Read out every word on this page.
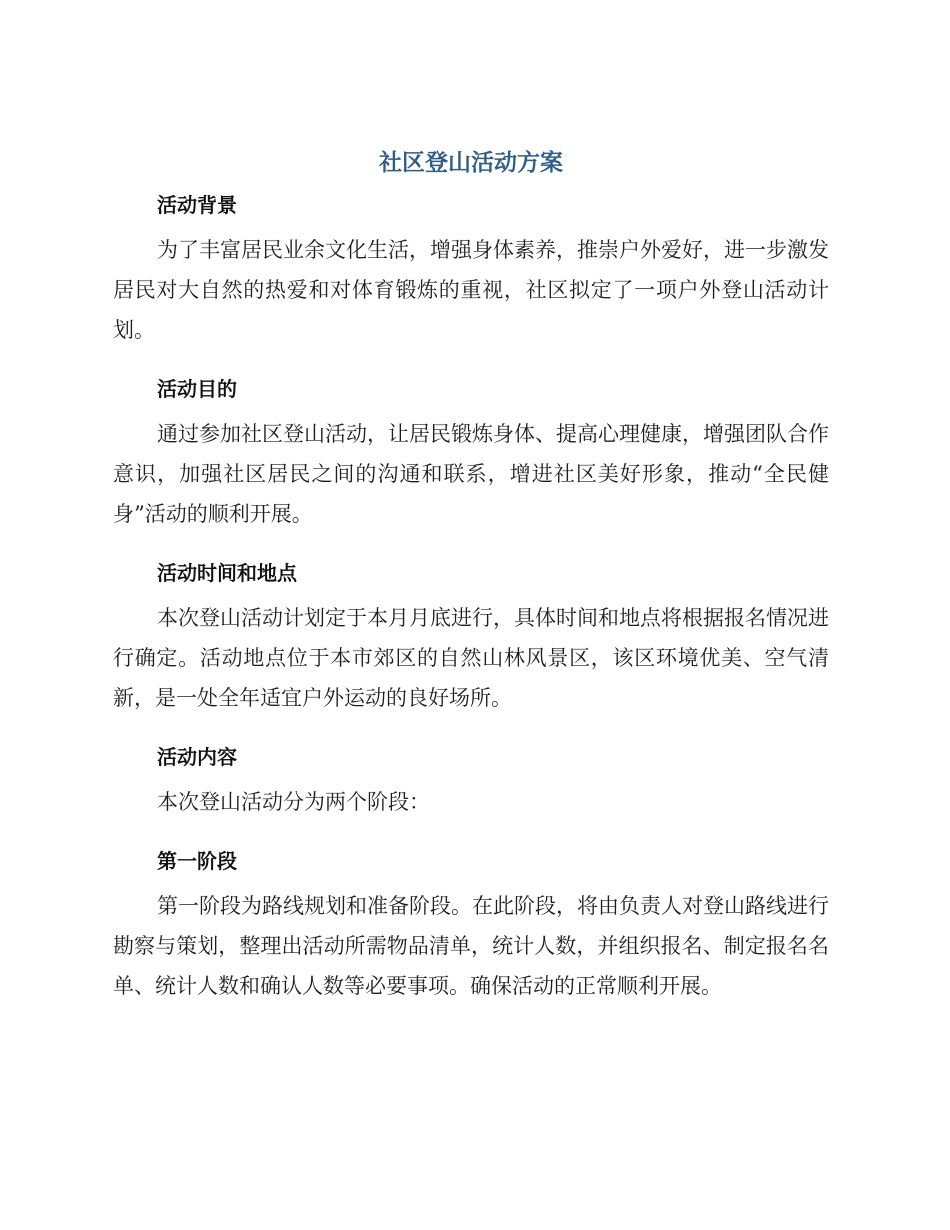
社区登山活动方案
活动背景

为了丰富居民业余文化生活，增强身体素养，推崇户外爱好，进一步激发居民对大自然的热爱和对体育锻炼的重视，社区拟定了一项户外登山活动计划。

活动目的

通过参加社区登山活动，让居民锻炼身体、提高心理健康，增强团队合作意识，加强社区居民之间的沟通和联系，增进社区美好形象，推动“全民健身”活动的顺利开展。

活动时间和地点

本次登山活动计划定于本月月底进行，具体时间和地点将根据报名情况进行确定。活动地点位于本市郊区的自然山林风景区，该区环境优美、空气清新，是一处全年适宜户外运动的良好场所。

活动内容

本次登山活动分为两个阶段：

第一阶段

第一阶段为路线规划和准备阶段。在此阶段，将由负责人对登山路线进行勘察与策划，整理出活动所需物品清单，统计人数，并组织报名、制定报名名单、统计人数和确认人数等必要事项。确保活动的正常顺利开展。
